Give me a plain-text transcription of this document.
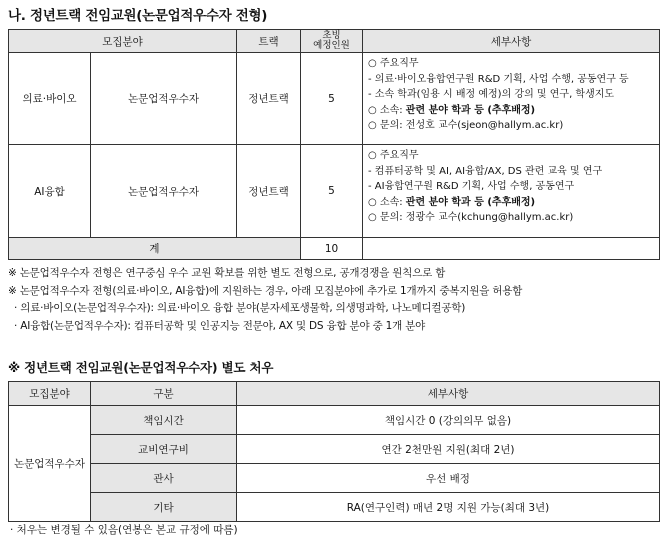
나. 정년트랙 전임교원(논문업적우수자 전형)
모집분야		트랙	초빙
예정인원	세부사항
의료·바이오	논문업적우수자	정년트랙	5	○ 주요직무
- 의료·바이오융합연구원 R&D 기획, 사업 수행, 공동연구 등
- 소속 학과(임용 시 배정 예정)의 강의 및 연구, 학생지도
○ 소속: 관련 분야 학과 등 (추후배정)
○ 문의: 전성호 교수(sjeon@hallym.ac.kr)

AI융합	논문업적우수자	정년트랙	5	○ 주요직무
- 컴퓨터공학 및 AI, AI융합/AX, DS 관련 교육 및 연구
- AI융합연구원 R&D 기획, 사업 수행, 공동연구
○ 소속: 관련 분야 학과 등 (추후배정)
○ 문의: 정광수 교수(kchung@hallym.ac.kr)

계			10	
※ 논문업적우수자 전형은 연구중심 우수 교원 확보를 위한 별도 전형으로, 공개경쟁을 원칙으로 함
※ 논문업적우수자 전형(의료·바이오, AI융합)에 지원하는 경우, 아래 모집분야에 추가로 1개까지 중복지원을 허용함
· 의료·바이오(논문업적우수자): 의료·바이오 융합 분야(분자세포생물학, 의생명과학, 나노메디컬공학)
· AI융합(논문업적우수자): 컴퓨터공학 및 인공지능 전문야, AX 및 DS 융합 분야 중 1개 분야
※ 정년트랙 전임교원(논문업적우수자) 별도 처우
모집분야	구분	세부사항
논문업적우수자	책임시간	책임시간 0 (강의의무 없음)
	교비연구비	연간 2천만원 지원(최대 2년)
	관사	우선 배정
	기타	RA(연구인력) 매년 2명 지원 가능(최대 3년)
· 처우는 변경될 수 있음(연봉은 본교 규정에 따름)
